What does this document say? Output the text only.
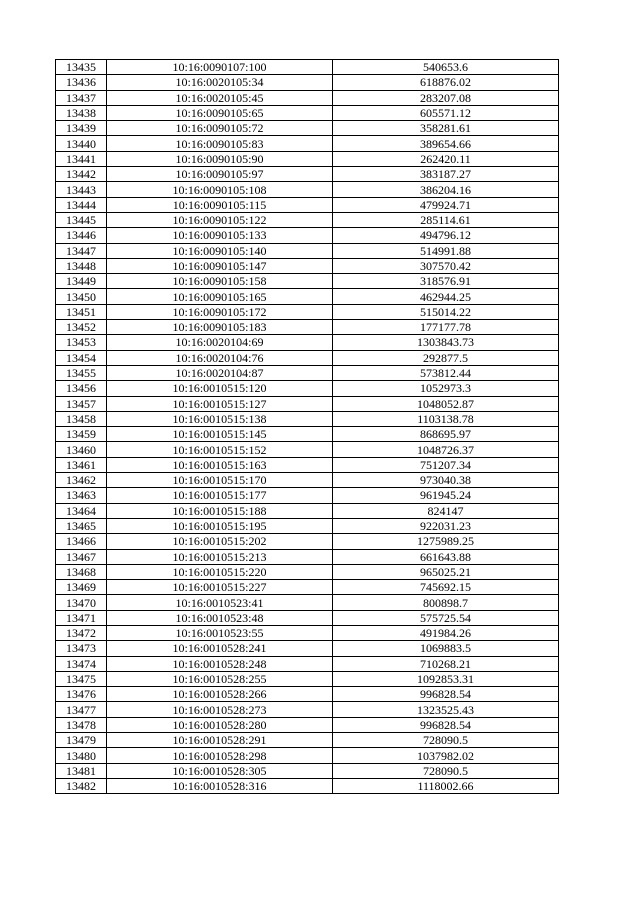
13435	10:16:0090107:100	540653.6
13436	10:16:0020105:34	618876.02
13437	10:16:0020105:45	283207.08
13438	10:16:0090105:65	605571.12
13439	10:16:0090105:72	358281.61
13440	10:16:0090105:83	389654.66
13441	10:16:0090105:90	262420.11
13442	10:16:0090105:97	383187.27
13443	10:16:0090105:108	386204.16
13444	10:16:0090105:115	479924.71
13445	10:16:0090105:122	285114.61
13446	10:16:0090105:133	494796.12
13447	10:16:0090105:140	514991.88
13448	10:16:0090105:147	307570.42
13449	10:16:0090105:158	318576.91
13450	10:16:0090105:165	462944.25
13451	10:16:0090105:172	515014.22
13452	10:16:0090105:183	177177.78
13453	10:16:0020104:69	1303843.73
13454	10:16:0020104:76	292877.5
13455	10:16:0020104:87	573812.44
13456	10:16:0010515:120	1052973.3
13457	10:16:0010515:127	1048052.87
13458	10:16:0010515:138	1103138.78
13459	10:16:0010515:145	868695.97
13460	10:16:0010515:152	1048726.37
13461	10:16:0010515:163	751207.34
13462	10:16:0010515:170	973040.38
13463	10:16:0010515:177	961945.24
13464	10:16:0010515:188	824147
13465	10:16:0010515:195	922031.23
13466	10:16:0010515:202	1275989.25
13467	10:16:0010515:213	661643.88
13468	10:16:0010515:220	965025.21
13469	10:16:0010515:227	745692.15
13470	10:16:0010523:41	800898.7
13471	10:16:0010523:48	575725.54
13472	10:16:0010523:55	491984.26
13473	10:16:0010528:241	1069883.5
13474	10:16:0010528:248	710268.21
13475	10:16:0010528:255	1092853.31
13476	10:16:0010528:266	996828.54
13477	10:16:0010528:273	1323525.43
13478	10:16:0010528:280	996828.54
13479	10:16:0010528:291	728090.5
13480	10:16:0010528:298	1037982.02
13481	10:16:0010528:305	728090.5
13482	10:16:0010528:316	1118002.66
